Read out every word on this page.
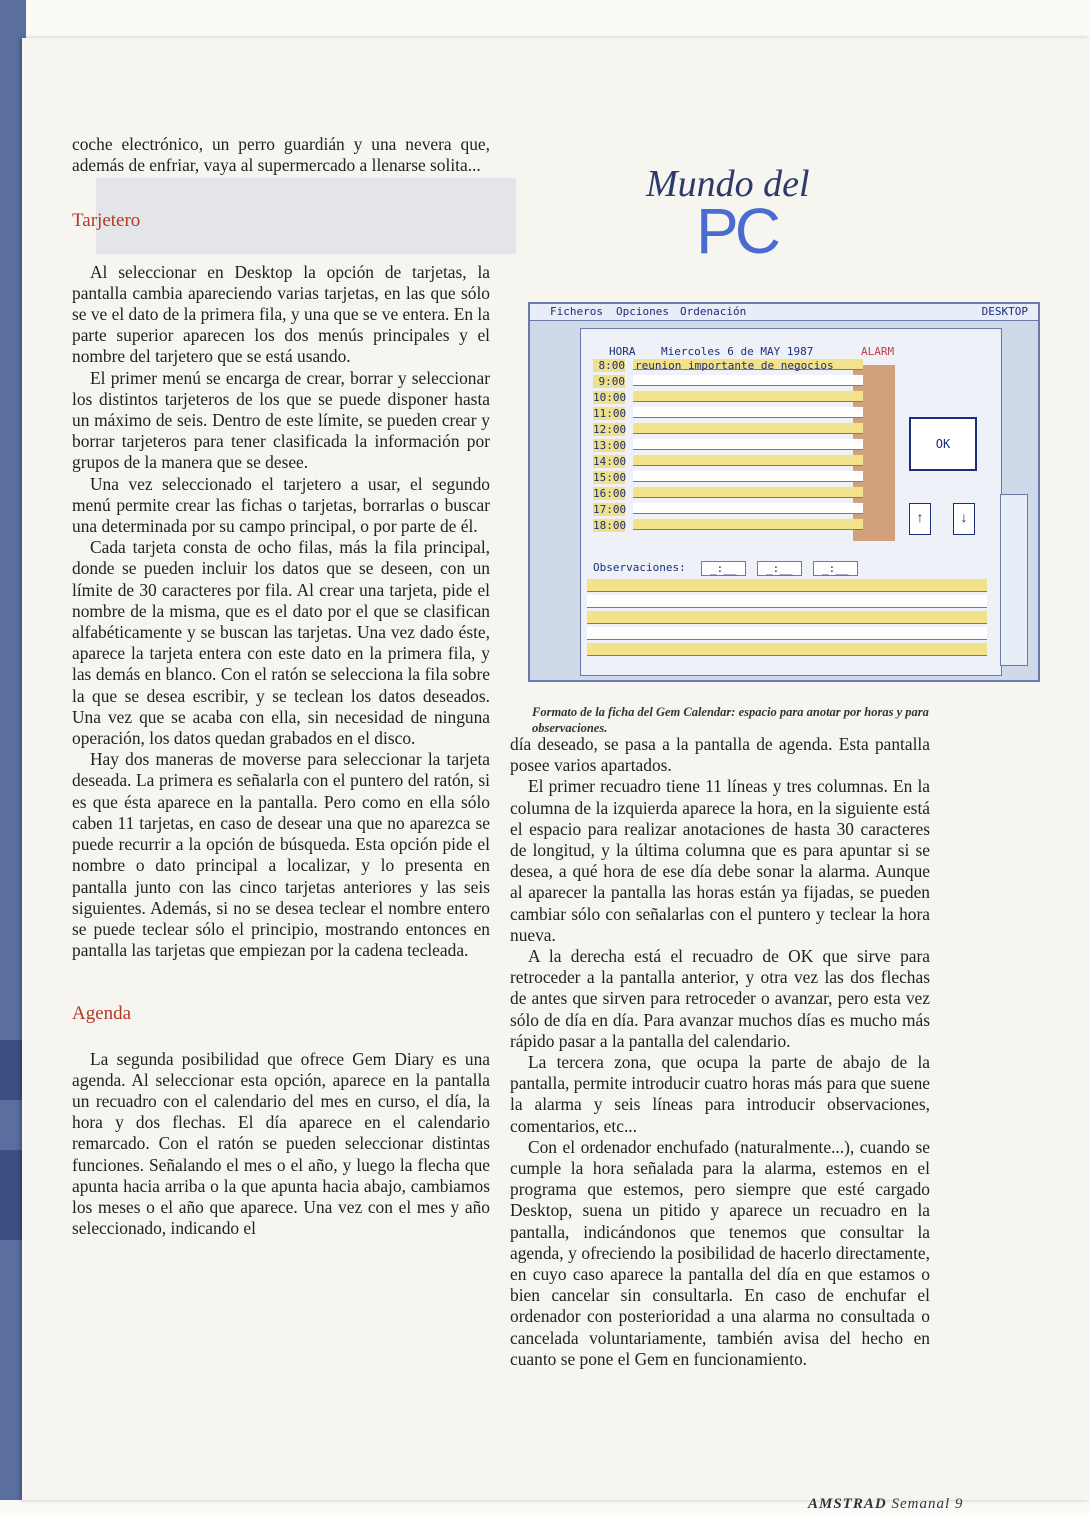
coche electrónico, un perro guardián y una nevera que, además de enfriar, vaya al supermercado a llenarse solita...

Tarjetero

Al seleccionar en Desktop la opción de tarjetas, la pantalla cambia apareciendo varias tarjetas, en las que sólo se ve el dato de la primera fila, y una que se ve entera. En la parte superior aparecen los dos menús principales y el nombre del tarjetero que se está usando.

El primer menú se encarga de crear, borrar y seleccionar los distintos tarjeteros de los que se puede disponer hasta un máximo de seis. Dentro de este límite, se pueden crear y borrar tarjeteros para tener clasificada la información por grupos de la manera que se desee.

Una vez seleccionado el tarjetero a usar, el segundo menú permite crear las fichas o tarjetas, borrarlas o buscar una determinada por su campo principal, o por parte de él.

Cada tarjeta consta de ocho filas, más la fila principal, donde se pueden incluir los datos que se deseen, con un límite de 30 caracteres por fila. Al crear una tarjeta, pide el nombre de la misma, que es el dato por el que se clasifican alfabéticamente y se buscan las tarjetas. Una vez dado éste, aparece la tarjeta entera con este dato en la primera fila, y las demás en blanco. Con el ratón se selecciona la fila sobre la que se desea escribir, y se teclean los datos deseados. Una vez que se acaba con ella, sin necesidad de ninguna operación, los datos quedan grabados en el disco.

Hay dos maneras de moverse para seleccionar la tarjeta deseada. La primera es señalarla con el puntero del ratón, si es que ésta aparece en la pantalla. Pero como en ella sólo caben 11 tarjetas, en caso de desear una que no aparezca se puede recurrir a la opción de búsqueda. Esta opción pide el nombre o dato principal a localizar, y lo presenta en pantalla junto con las cinco tarjetas anteriores y las seis siguientes. Además, si no se desea teclear el nombre entero se puede teclear sólo el principio, mostrando entonces en pantalla las tarjetas que empiezan por la cadena tecleada.

Agenda

La segunda posibilidad que ofrece Gem Diary es una agenda. Al seleccionar esta opción, aparece en la pantalla un recuadro con el calendario del mes en curso, el día, la hora y dos flechas. El día aparece en el calendario remarcado. Con el ratón se pueden seleccionar distintas funciones. Señalando el mes o el año, y luego la flecha que apunta hacia arriba o la que apunta hacia abajo, cambiamos los meses o el año que aparece. Una vez con el mes y año seleccionado, indicando el

Mundo del
PC
Ficheros Opciones Ordenación	DESKTOP
HORA Miercoles 6 de MAY 1987	ALARM
8:00 reunion importante de negocios
9:00
10:00
11:00
12:00
13:00
14:00
15:00
16:00
17:00
18:00
OK
↑	↓
Observaciones:	_:__	_:__	_:__
Formato de la ficha del Gem Calendar: espacio para anotar por horas y para observaciones.

día deseado, se pasa a la pantalla de agenda. Esta pantalla posee varios apartados.

El primer recuadro tiene 11 líneas y tres columnas. En la columna de la izquierda aparece la hora, en la siguiente está el espacio para realizar anotaciones de hasta 30 caracteres de longitud, y la última columna que es para apuntar si se desea, a qué hora de ese día debe sonar la alarma. Aunque al aparecer la pantalla las horas están ya fijadas, se pueden cambiar sólo con señalarlas con el puntero y teclear la hora nueva.

A la derecha está el recuadro de OK que sirve para retroceder a la pantalla anterior, y otra vez las dos flechas de antes que sirven para retroceder o avanzar, pero esta vez sólo de día en día. Para avanzar muchos días es mucho más rápido pasar a la pantalla del calendario.

La tercera zona, que ocupa la parte de abajo de la pantalla, permite introducir cuatro horas más para que suene la alarma y seis líneas para introducir observaciones, comentarios, etc...

Con el ordenador enchufado (naturalmente...), cuando se cumple la hora señalada para la alarma, estemos en el programa que estemos, pero siempre que esté cargado Desktop, suena un pitido y aparece un recuadro en la pantalla, indicándonos que tenemos que consultar la agenda, y ofreciendo la posibilidad de hacerlo directamente, en cuyo caso aparece la pantalla del día en que estamos o bien cancelar sin consultarla. En caso de enchufar el ordenador con posterioridad a una alarma no consultada o cancelada voluntariamente, también avisa del hecho en cuanto se pone el Gem en funcionamiento.

AMSTRAD Semanal 9
